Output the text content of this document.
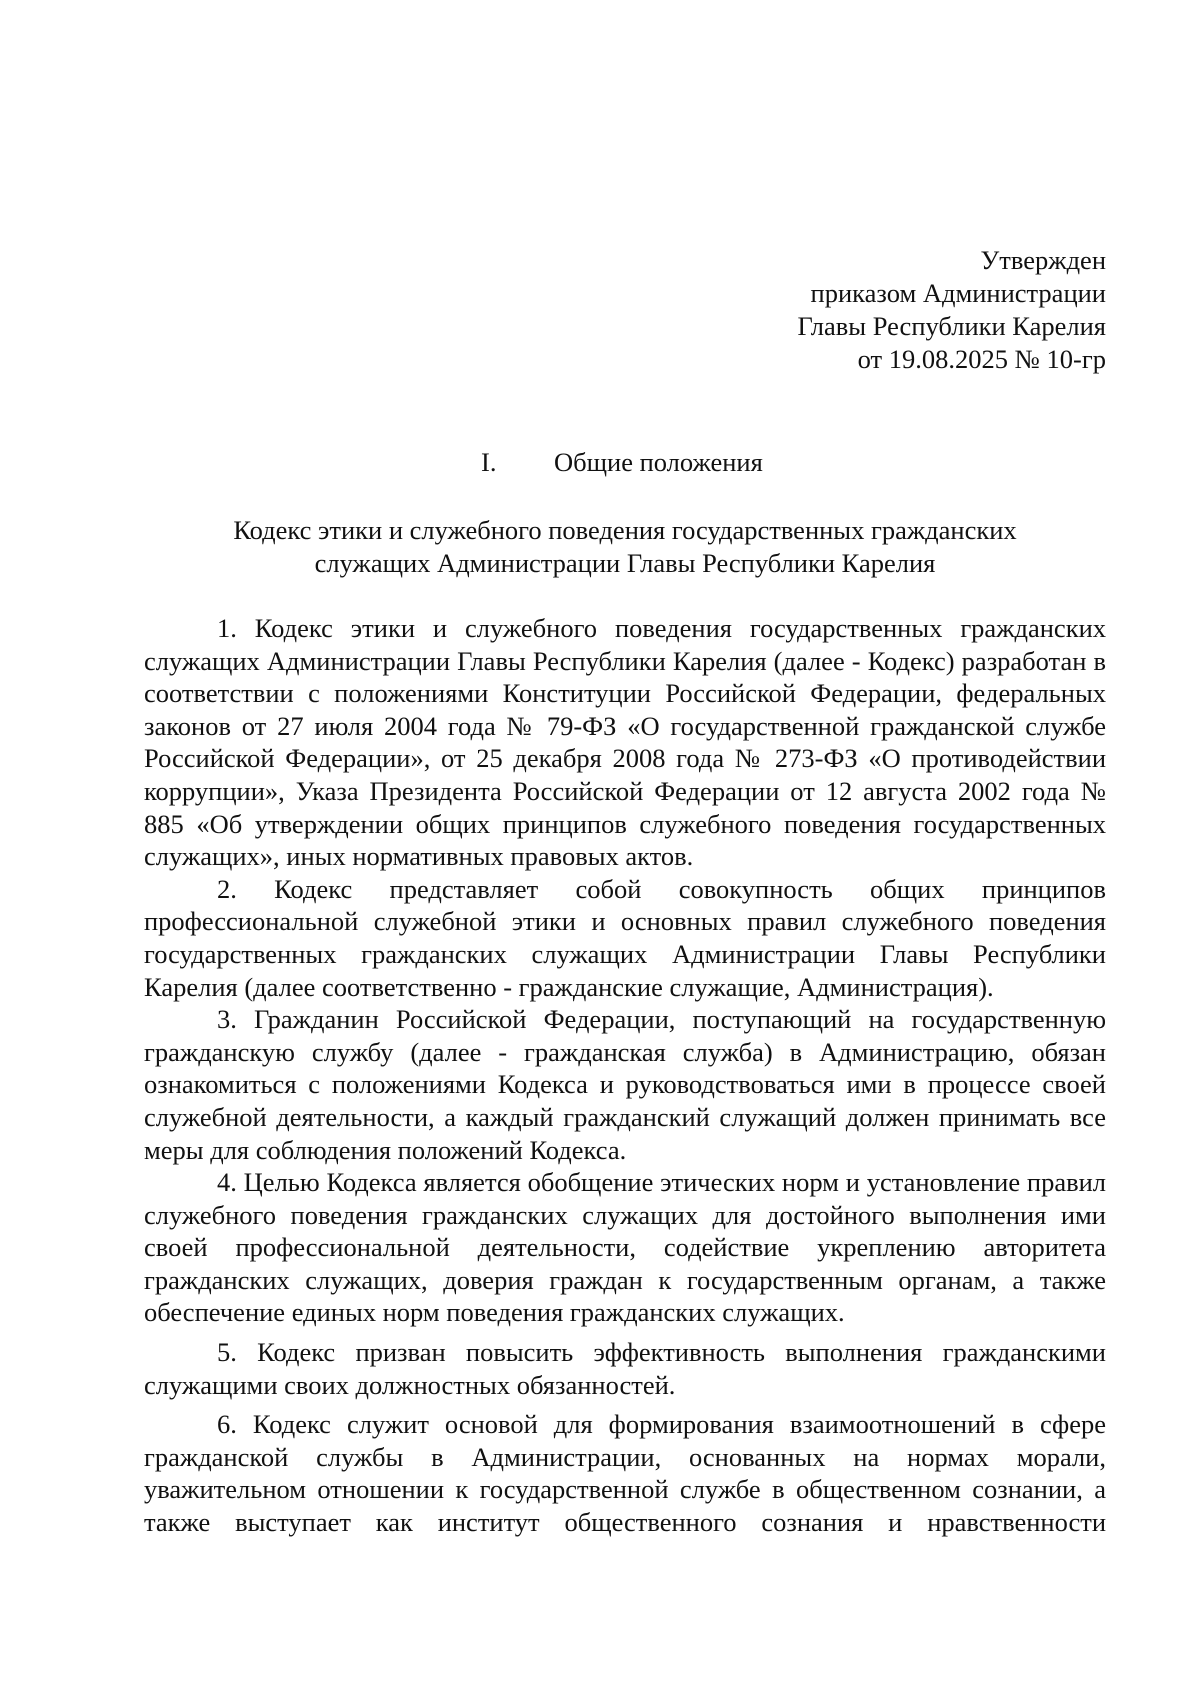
Утвержден
приказом Администрации
Главы Республики Карелия
от 19.08.2025 № 10-гр
I. Общие положения
Кодекс этики и служебного поведения государственных гражданских
служащих Администрации Главы Республики Карелия

1. Кодекс этики и служебного поведения государственных гражданских служащих Администрации Главы Республики Карелия (далее - Кодекс) разработан в соответствии с положениями Конституции Российской Федерации, федеральных законов от 27 июля 2004 года № 79-ФЗ «О государственной гражданской службе Российской Федерации», от 25 декабря 2008 года № 273-ФЗ «О противодействии коррупции», Указа Президента Российской Федерации от 12 августа 2002 года № 885 «Об утверждении общих принципов служебного поведения государственных служащих», иных нормативных правовых актов.

2. Кодекс представляет собой совокупность общих принципов профессиональной служебной этики и основных правил служебного поведения государственных гражданских служащих Администрации Главы Республики Карелия (далее соответственно - гражданские служащие, Администрация).

3. Гражданин Российской Федерации, поступающий на государственную гражданскую службу (далее - гражданская служба) в Администрацию, обязан ознакомиться с положениями Кодекса и руководствоваться ими в процессе своей служебной деятельности, а каждый гражданский служащий должен принимать все меры для соблюдения положений Кодекса.

4. Целью Кодекса является обобщение этических норм и установление правил служебного поведения гражданских служащих для достойного выполнения ими своей профессиональной деятельности, содействие укреплению авторитета гражданских служащих, доверия граждан к государственным органам, а также обеспечение единых норм поведения гражданских служащих.

5. Кодекс призван повысить эффективность выполнения гражданскими служащими своих должностных обязанностей.

6. Кодекс служит основой для формирования взаимоотношений в сфере гражданской службы в Администрации, основанных на нормах морали, уважительном отношении к государственной службе в общественном сознании, а также выступает как институт общественного сознания и нравственности
